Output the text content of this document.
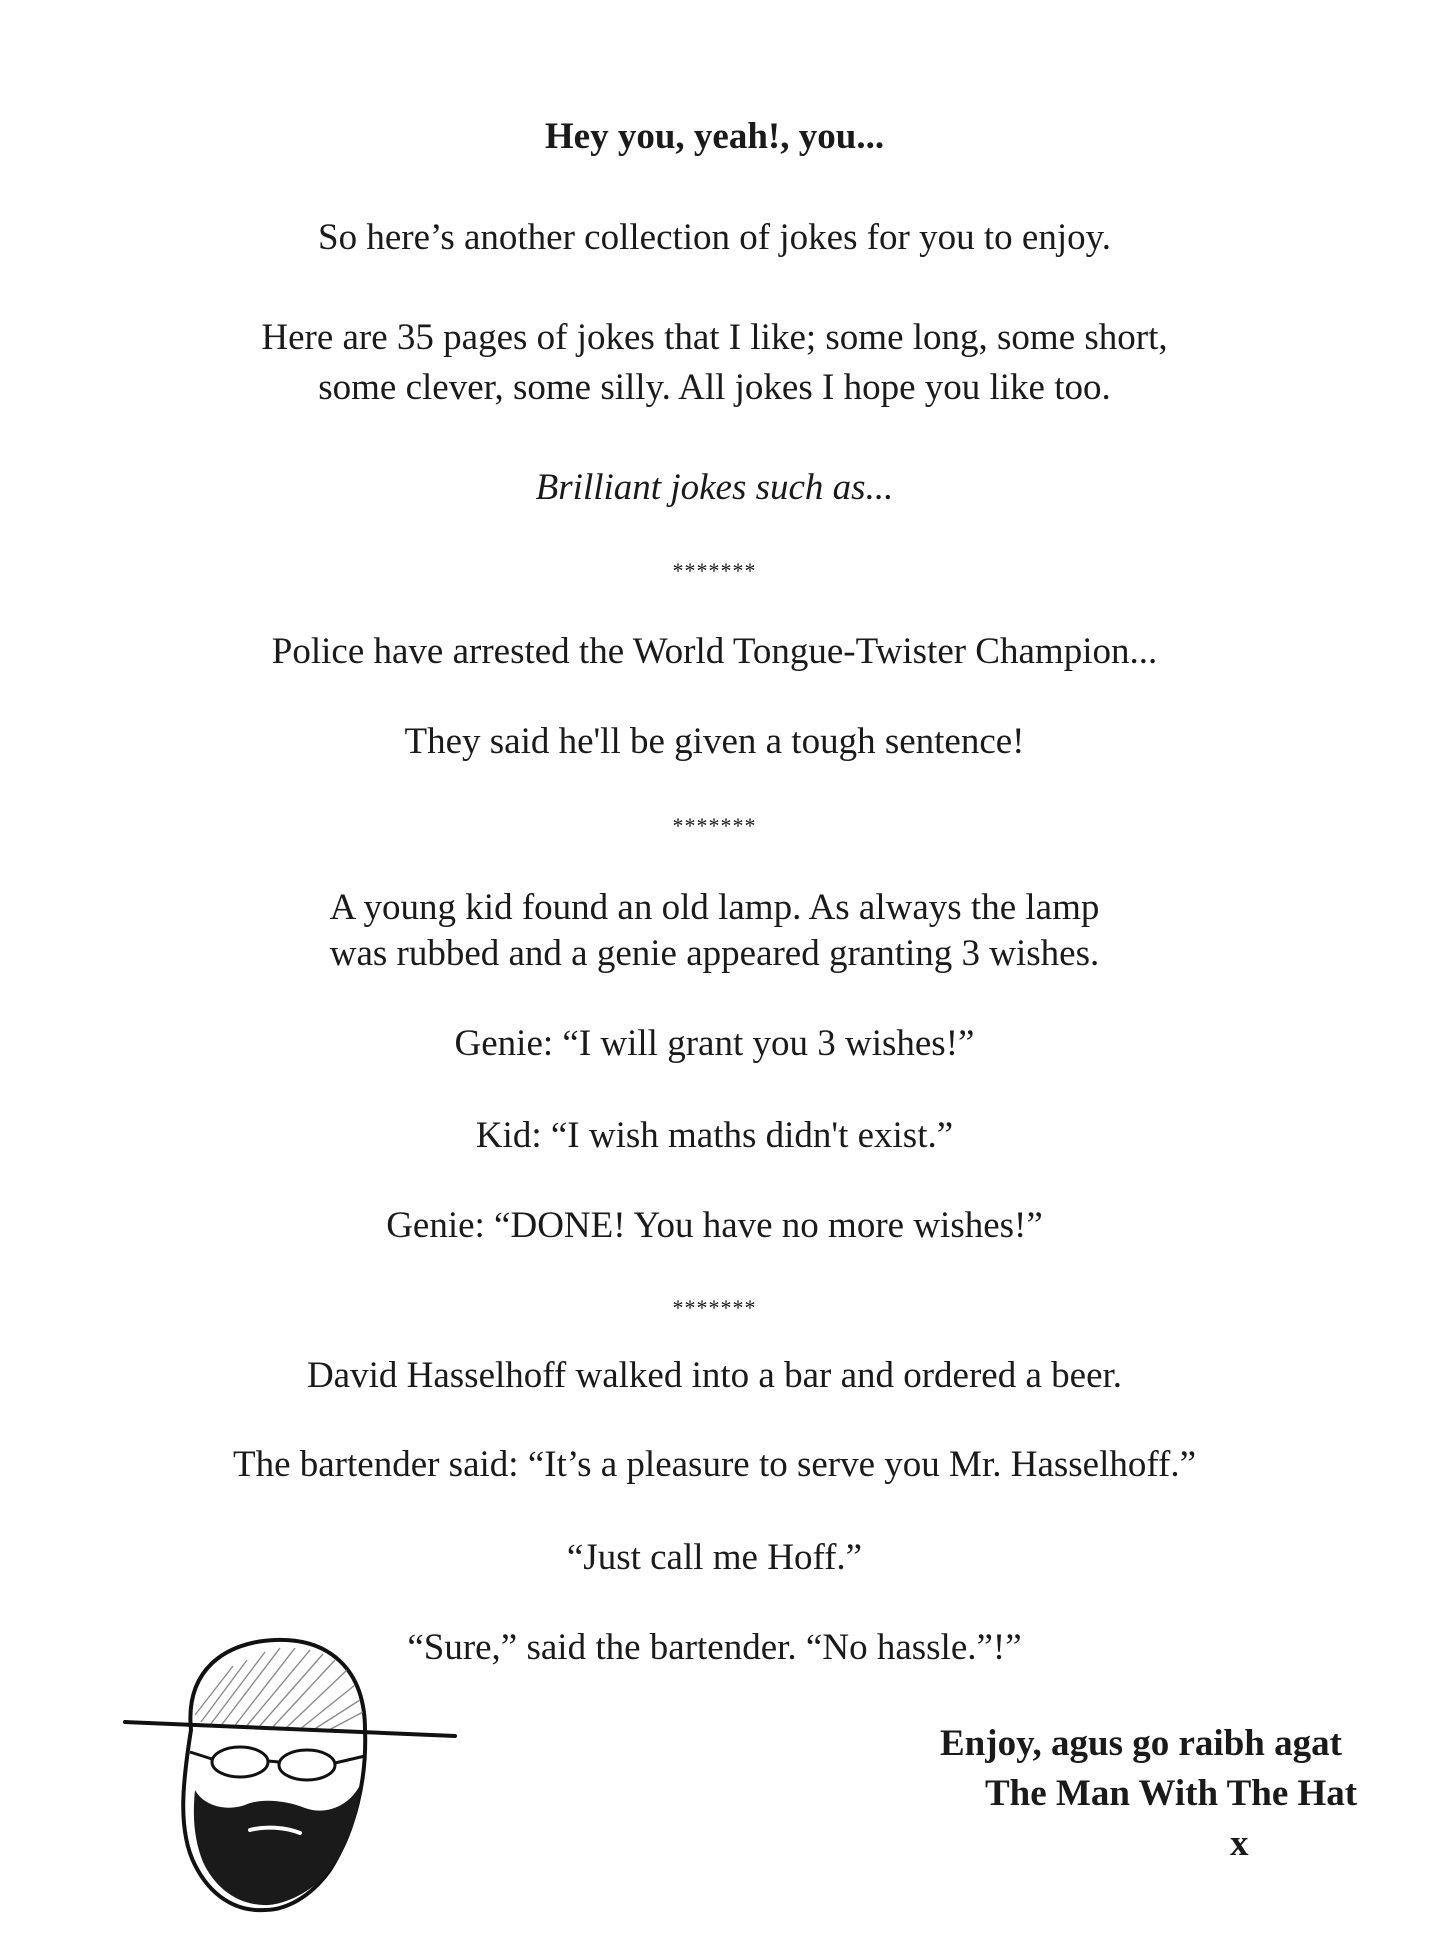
Hey you, yeah!, you...
So here’s another collection of jokes for you to enjoy.
Here are 35 pages of jokes that I like; some long, some short,
some clever, some silly. All jokes I hope you like too.
Brilliant jokes such as...
*******
Police have arrested the World Tongue-Twister Champion...
They said he'll be given a tough sentence!
*******
A young kid found an old lamp. As always the lamp
was rubbed and a genie appeared granting 3 wishes.
Genie: “I will grant you 3 wishes!”
Kid: “I wish maths didn't exist.”
Genie: “DONE! You have no more wishes!”
*******
David Hasselhoff walked into a bar and ordered a beer.
The bartender said: “It’s a pleasure to serve you Mr. Hasselhoff.”
“Just call me Hoff.”
“Sure,” said the bartender. “No hassle.”!”
Enjoy, agus go raibh agat
The Man With The Hat
x
